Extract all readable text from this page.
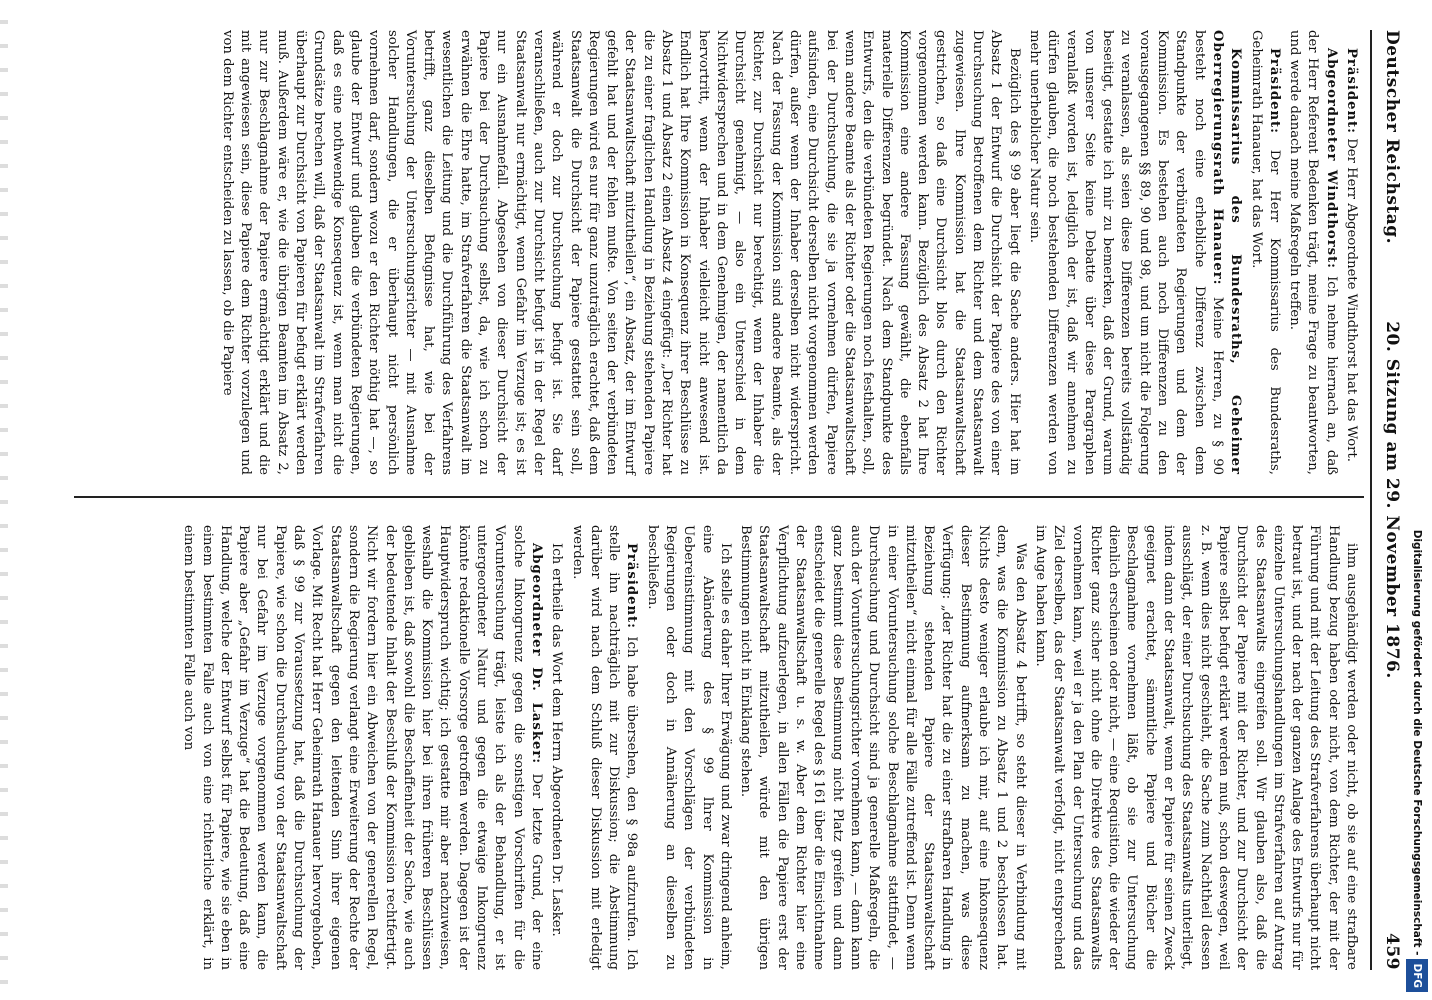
Deutscher Reichstag.
20. Sitzung am 29. November 1876.
459

Präsident: Der Herr Abgeordnete Windthorst hat das Wort.

Abgeordneter Windthorst: Ich nehme hiernach an, daß der Herr Referent Bedenken trägt, meine Frage zu beantworten, und werde danach meine Maßregeln treffen.

Präsident: Der Herr Kommissarius des Bundesraths, Geheimrath Hanauer, hat das Wort.

Kommissarius des Bundesraths, Geheimer Oberregierungsrath Hanauer: Meine Herren, zu § 90 besteht noch eine erhebliche Differenz zwischen dem Standpunkte der verbündeten Regierungen und dem der Kommission. Es bestehen auch noch Differenzen zu den vorausgegangenen §§ 89, 90 und 98, und um nicht die Folgerung zu veranlassen, als seien diese Differenzen bereits vollständig beseitigt, gestatte ich mir zu bemerken, daß der Grund, warum von unserer Seite keine Debatte über diese Paragraphen veranlaßt worden ist, lediglich der ist, daß wir annehmen zu dürfen glauben, die noch bestehenden Differenzen werden von mehr unerheblicher Natur sein.

Bezüglich des § 99 aber liegt die Sache anders. Hier hat im Absatz 1 der Entwurf die Durchsicht der Papiere des von einer Durchsuchung Betroffenen dem Richter und dem Staatsanwalt zugewiesen. Ihre Kommission hat die Staatsanwaltschaft gestrichen, so daß eine Durchsicht blos durch den Richter vorgenommen werden kann. Bezüglich des Absatz 2 hat Ihre Kommission eine andere Fassung gewählt, die ebenfalls materielle Differenzen begründet. Nach dem Standpunkte des Entwurfs, den die verbündeten Regierungen noch festhalten, soll, wenn andere Beamte als der Richter oder die Staatsanwaltschaft bei der Durchsuchung, die sie ja vornehmen dürfen, Papiere aufsinden, eine Durchsicht derselben nicht vorgenommen werden dürfen, außer wenn der Inhaber derselben nicht widerspricht. Nach der Fassung der Kommission sind andere Beamte, als der Richter, zur Durchsicht nur berechtigt, wenn der Inhaber die Durchsicht genehmigt, — also ein Unterschied in dem Nichtwidersprechen und in dem Genehmigen, der namentlich da hervortritt, wenn der Inhaber vielleicht nicht anwesend ist. Endlich hat Ihre Kommission in Konsequenz ihrer Beschlüsse zu Absatz 1 und Absatz 2 einen Absatz 4 eingefügt: „Der Richter hat die zu einer fraglichen Handlung in Beziehung stehenden Papiere der Staatsanwaltschaft mitzutheilen“, ein Absatz, der im Entwurf gefehlt hat und der fehlen mußte. Von seiten der verbündeten Regierungen wird es nur für ganz unzuträglich erachtet, daß dem Staatsanwalt die Durchsicht der Papiere gestattet sein soll, während er doch zur Durchsuchung befugt ist. Sie darf veranschließen, auch zur Durchsicht befugt ist in der Regel der Staatsanwalt nur ermächtigt, wenn Gefahr im Verzuge ist; es ist nur ein Ausnahmefall. Abgesehen von dieser Durchsicht der Papiere bei der Durchsuchung selbst, da, wie ich schon zu erwähnen die Ehre hatte, im Strafverfahren die Staatsanwalt im wesentlichen die Leitung und die Durchführung des Verfahrens betrifft, ganz dieselben Befugnisse hat, wie bei der Voruntersuchung der Untersuchungsrichter — mit Ausnahme solcher Handlungen, die er überhaupt nicht persönlich vornehmen darf, sondern wozu er den Richter nöthig hat —, so glaube der Entwurf und glauben die verbündeten Regierungen, daß es eine nothwendige Konsequenz ist, wenn man nicht die Grundsätze brechen will, daß der Staatsanwalt im Strafverfahren überhaupt zur Durchsicht von Papieren für befugt erklärt werden muß. Außerdem wäre er, wie die übrigen Beamten im Absatz 2, nur zur Beschlagnahme der Papiere ermächtigt erklärt und die mit angewiesen sein, diese Papiere dem Richter vorzulegen und von dem Richter entscheiden zu lassen, ob die Papiere

ihm ausgehändigt werden oder nicht, ob sie auf eine strafbare Handlung bezug haben oder nicht, von dem Richter, der mit der Führung und mit der Leitung des Strafverfahrens überhaupt nicht betraut ist, und der nach der ganzen Anlage des Entwurfs nur für einzelne Untersuchungshandlungen im Strafverfahren auf Antrag des Staatsanwalts eingreifen soll. Wir glauben also, daß die Durchsicht der Papiere mit der Richter, und zur Durchsicht der Papiere selbst befugt erklärt werden muß, schon deswegen, weil z. B. wenn dies nicht geschieht, die Sache zum Nachtheil dessen ausschlägt, der einer Durchsuchung des Staatsanwalts unterliegt, indem dann der Staatsanwalt, wenn er Papiere für seinen Zweck geeignet erachtet, sämmtliche Papiere und Bücher die Beschlagnahme vornehmen läßt, ob sie zur Untersuchung dienlich erscheinen oder nicht, — eine Requisition, die wieder der Richter ganz sicher nicht ohne die Direktive des Staatsanwalts vornehmen kann, weil er ja den Plan der Untersuchung und das Ziel derselben, das der Staatsanwalt verfolgt, nicht entsprechend im Auge haben kann.

Was den Absatz 4 betrifft, so steht dieser in Verbindung mit dem, was die Kommission zu Absatz 1 und 2 beschlossen hat. Nichts desto weniger erlaube ich mir, auf eine Inkonsequenz dieser Bestimmung aufmerksam zu machen, was diese Verfügung: „der Richter hat die zu einer strafbaren Handlung in Beziehung stehenden Papiere der Staatsanwaltschaft mitzutheilen“ nicht einmal für alle Fälle zutreffend ist. Denn wenn in einer Voruntersuchung solche Beschlagnahme stattfindet, — Durchsuchung und Durchsicht sind ja generelle Maßregeln, die auch der Voruntersuchungsrichter vornehmen kann, — dann kann ganz bestimmt diese Bestimmung nicht Platz greifen und dann entscheidet die generelle Regel des § 161 über die Einsichtnahme der Staatsanwaltschaft u. s. w. Aber dem Richter hier eine Verpflichtung aufzuerlegen, in allen Fällen die Papiere erst der Staatsanwaltschaft mitzutheilen, würde mit den übrigen Bestimmungen nicht in Einklang stehen.

Ich stelle es daher Ihrer Erwägung und zwar dringend anheim, eine Abänderung des § 99 Ihrer Kommission in Uebereinstimmung mit den Vorschlägen der verbündeten Regierungen oder doch in Annäherung an dieselben zu beschließen.

Präsident: Ich habe übersehen, den § 98a aufzurufen. Ich stelle ihn nachträglich mit zur Diskussion; die Abstimmung darüber wird nach dem Schluß dieser Diskussion mit erledigt werden.

Ich ertheile das Wort dem Herrn Abgeordneten Dr. Lasker.

Abgeordneter Dr. Lasker: Der letzte Grund, der eine solche Inkongruenz gegen die sonstigen Vorschriften für die Voruntersuchung trägt, leiste ich als der Behandlung, er ist untergeordneter Natur und gegen die etwaige Inkongruenz könnte redaktionelle Vorsorge getroffen werden. Dagegen ist der Hauptwiderspruch wichtig; ich gestatte mir aber nachzuweisen, weshalb die Kommission hier bei ihren früheren Beschlüssen geblieben ist, daß sowohl die Beschaffenheit der Sache, wie auch der bedeutende Inhalt der Beschluß der Kommission rechtfertigt. Nicht wir fordern hier ein Abweichen von der generellen Regel, sondern die Regierung verlangt eine Erweiterung der Rechte der Staatsanwaltschaft gegen den leitenden Sinn ihrer eigenen Vorlage. Mit Recht hat Herr Geheimrath Hanauer hervorgehoben, daß § 99 zur Voraussetzung hat, daß die Durchsuchung der Papiere, wie schon die Durchsuchung von der Staatsanwaltschaft nur bei Gefahr im Verzuge vorgenommen werden kann, die Papiere aber „Gefahr im Verzuge“ hat die Bedeutung, daß eine Handlung, welche der Entwurf selbst für Papiere, wie sie eben in einem bestimmten Falle auch von eine richterliche erklärt, in einem bestimmten Falle auch von	Digitalisierung gefördert durch die Deutsche Forschungsgemeinschaft -DFG
